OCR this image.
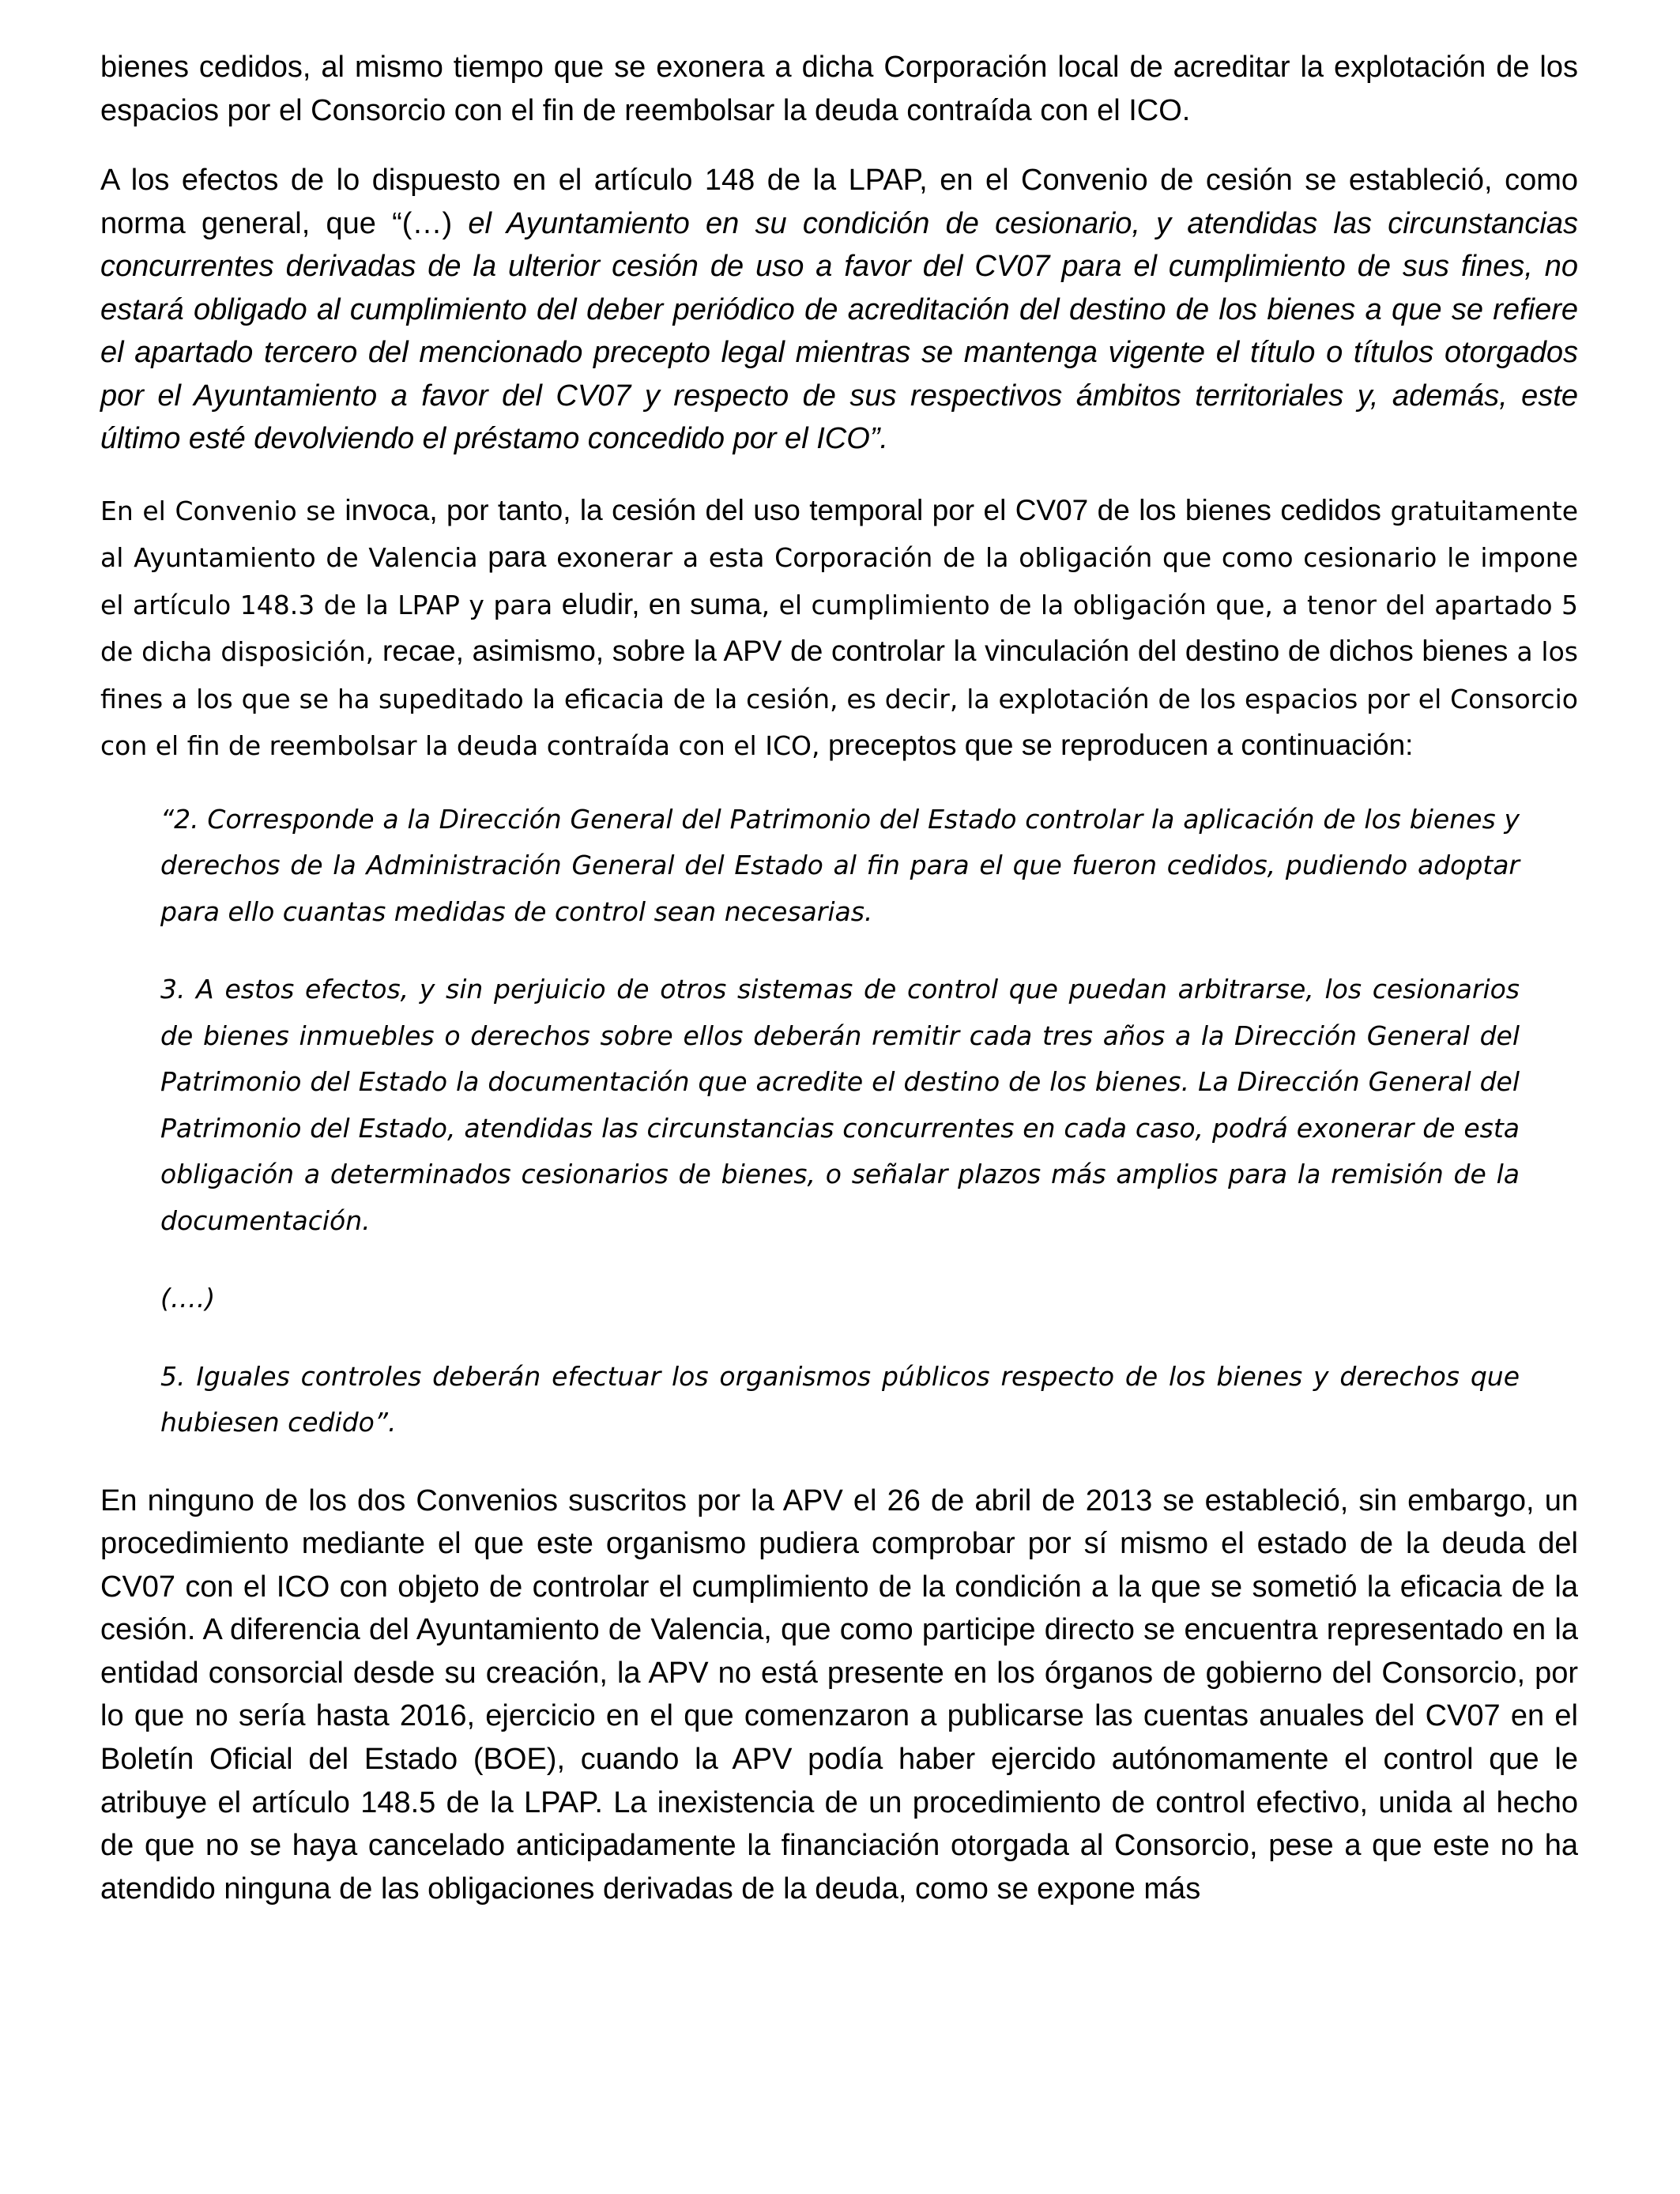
bienes cedidos, al mismo tiempo que se exonera a dicha Corporación local de acreditar la explotación de los espacios por el Consorcio con el fin de reembolsar la deuda contraída con el ICO.

A los efectos de lo dispuesto en el artículo 148 de la LPAP, en el Convenio de cesión se estableció, como norma general, que “(…) el Ayuntamiento en su condición de cesionario, y atendidas las circunstancias concurrentes derivadas de la ulterior cesión de uso a favor del CV07 para el cumplimiento de sus fines, no estará obligado al cumplimiento del deber periódico de acreditación del destino de los bienes a que se refiere el apartado tercero del mencionado precepto legal mientras se mantenga vigente el título o títulos otorgados por el Ayuntamiento a favor del CV07 y respecto de sus respectivos ámbitos territoriales y, además, este último esté devolviendo el préstamo concedido por el ICO”.

En el Convenio se invoca, por tanto, la cesión del uso temporal por el CV07 de los bienes cedidos gratuitamente al Ayuntamiento de Valencia para exonerar a esta Corporación de la obligación que como cesionario le impone el artículo 148.3 de la LPAP y para eludir, en suma, el cumplimiento de la obligación que, a tenor del apartado 5 de dicha disposición, recae, asimismo, sobre la APV de controlar la vinculación del destino de dichos bienes a los fines a los que se ha supeditado la eficacia de la cesión, es decir, la explotación de los espacios por el Consorcio con el fin de reembolsar la deuda contraída con el ICO, preceptos que se reproducen a continuación:

“2. Corresponde a la Dirección General del Patrimonio del Estado controlar la aplicación de los bienes y derechos de la Administración General del Estado al fin para el que fueron cedidos, pudiendo adoptar para ello cuantas medidas de control sean necesarias.

3. A estos efectos, y sin perjuicio de otros sistemas de control que puedan arbitrarse, los cesionarios de bienes inmuebles o derechos sobre ellos deberán remitir cada tres años a la Dirección General del Patrimonio del Estado la documentación que acredite el destino de los bienes. La Dirección General del Patrimonio del Estado, atendidas las circunstancias concurrentes en cada caso, podrá exonerar de esta obligación a determinados cesionarios de bienes, o señalar plazos más amplios para la remisión de la documentación.

(….)

5. Iguales controles deberán efectuar los organismos públicos respecto de los bienes y derechos que hubiesen cedido”.

En ninguno de los dos Convenios suscritos por la APV el 26 de abril de 2013 se estableció, sin embargo, un procedimiento mediante el que este organismo pudiera comprobar por sí mismo el estado de la deuda del CV07 con el ICO con objeto de controlar el cumplimiento de la condición a la que se sometió la eficacia de la cesión. A diferencia del Ayuntamiento de Valencia, que como participe directo se encuentra representado en la entidad consorcial desde su creación, la APV no está presente en los órganos de gobierno del Consorcio, por lo que no sería hasta 2016, ejercicio en el que comenzaron a publicarse las cuentas anuales del CV07 en el Boletín Oficial del Estado (BOE), cuando la APV podía haber ejercido autónomamente el control que le atribuye el artículo 148.5 de la LPAP. La inexistencia de un procedimiento de control efectivo, unida al hecho de que no se haya cancelado anticipadamente la financiación otorgada al Consorcio, pese a que este no ha atendido ninguna de las obligaciones derivadas de la deuda, como se expone más
